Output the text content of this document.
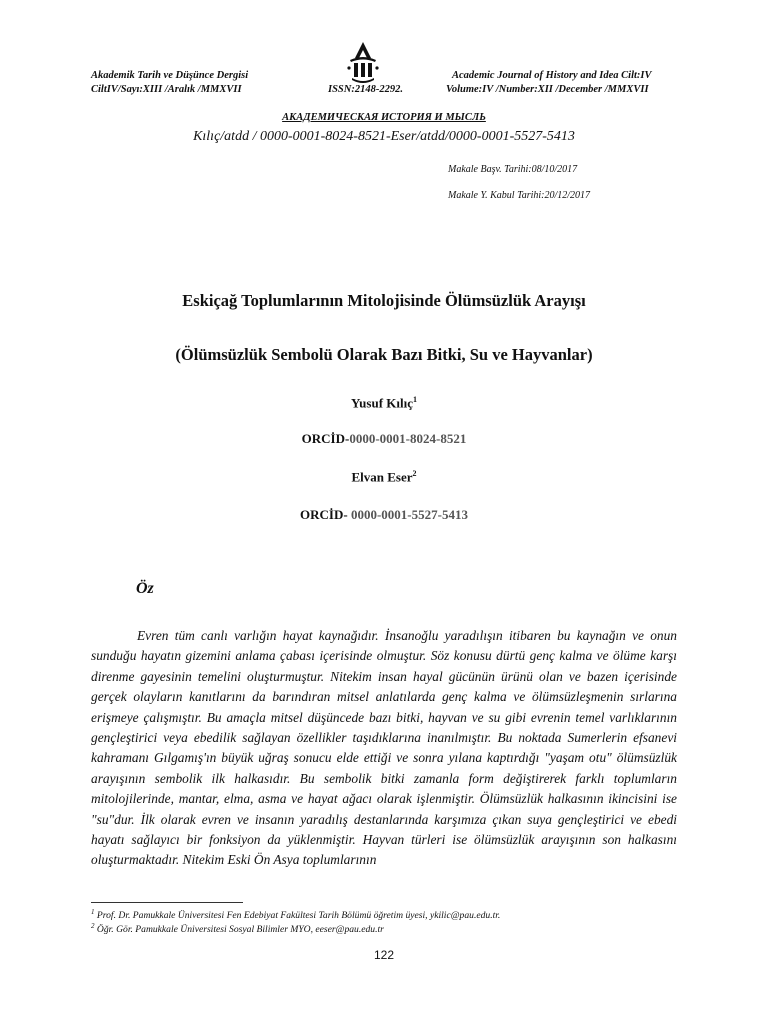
Akademik Tarih ve Düşünce Dergisi
CiltIV/Sayı:XIII /Aralık /MMXVII	ISSN:2148-2292.
Academic Journal of History and Idea Cilt:IV
Volume:IV /Number:XII /December /MMXVII
АКАДЕМИЧЕСКАЯ ИСТОРИЯ И МЫСЛЬ
Kılıç/atdd / 0000-0001-8024-8521-Eser/atdd/0000-0001-5527-5413
Makale Başv. Tarihi:08/10/2017
Makale Y. Kabul Tarihi:20/12/2017
Eskiçağ Toplumlarının Mitolojisinde Ölümsüzlük Arayışı
(Ölümsüzlük Sembolü Olarak Bazı Bitki, Su ve Hayvanlar)
Yusuf Kılıç$^1$
ORCİD-0000-0001-8024-8521
Elvan Eser$^2$
ORCİD- 0000-0001-5527-5413
Öz

Evren tüm canlı varlığın hayat kaynağıdır. İnsanoğlu yaradılışın itibaren bu kaynağın ve onun sunduğu hayatın gizemini anlama çabası içerisinde olmuştur. Söz konusu dürtü genç kalma ve ölüme karşı direnme gayesinin temelini oluşturmuştur. Nitekim insan hayal gücünün ürünü olan ve bazen içerisinde gerçek olayların kanıtlarını da barındıran mitsel anlatılarda genç kalma ve ölümsüzleşmenin sırlarına erişmeye çalışmıştır. Bu amaçla mitsel düşüncede bazı bitki, hayvan ve su gibi evrenin temel varlıklarının gençleştirici veya ebedilik sağlayan özellikler taşıdıklarına inanılmıştır. Bu noktada Sumerlerin efsanevi kahramanı Gılgamış'ın büyük uğraş sonucu elde ettiği ve sonra yılana kaptırdığı "yaşam otu" ölümsüzlük arayışının sembolik ilk halkasıdır. Bu sembolik bitki zamanla form değiştirerek farklı toplumların mitolojilerinde, mantar, elma, asma ve hayat ağacı olarak işlenmiştir. Ölümsüzlük halkasının ikincisini ise "su"dur. İlk olarak evren ve insanın yaradılış destanlarında karşımıza çıkan suya gençleştirici ve ebedi hayatı sağlayıcı bir fonksiyon da yüklenmiştir. Hayvan türleri ise ölümsüzlük arayışının son halkasını oluşturmaktadır. Nitekim Eski Ön Asya toplumlarının

$^1$ Prof. Dr. Pamukkale Üniversitesi Fen Edebiyat Fakültesi Tarih Bölümü öğretim üyesi, ykilic@pau.edu.tr.
$^2$ Öğr. Gör. Pamukkale Üniversitesi Sosyal Bilimler MYO, eeser@pau.edu.tr
122
